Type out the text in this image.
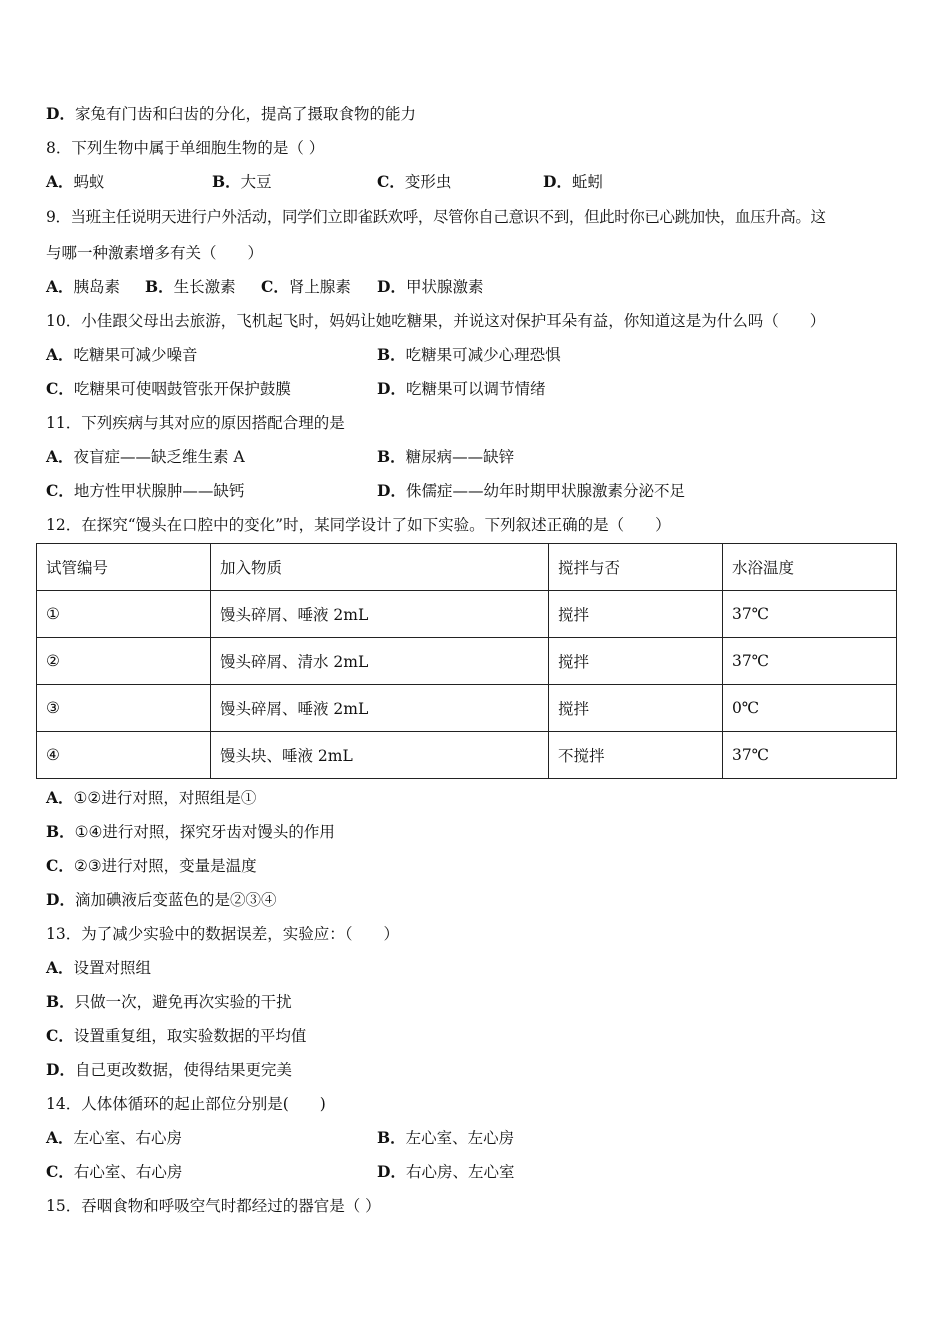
D．家兔有门齿和臼齿的分化，提高了摄取食物的能力
8．下列生物中属于单细胞生物的是（ ）
A．蚂蚁	B．大豆	C．变形虫	D．蚯蚓
9．当班主任说明天进行户外活动，同学们立即雀跃欢呼，尽管你自己意识不到，但此时你已心跳加快，血压升高。这
与哪一种激素增多有关（　　）
A．胰岛素 B．生长激素 C．肾上腺素 D．甲状腺激素
10．小佳跟父母出去旅游，飞机起飞时，妈妈让她吃糖果，并说这对保护耳朵有益，你知道这是为什么吗（　　）
A．吃糖果可减少噪音	B．吃糖果可减少心理恐惧
C．吃糖果可使咽鼓管张开保护鼓膜	D．吃糖果可以调节情绪
11．下列疾病与其对应的原因搭配合理的是
A．夜盲症——缺乏维生素 A	B．糖尿病——缺锌
C．地方性甲状腺肿——缺钙	D．侏儒症——幼年时期甲状腺激素分泌不足
12．在探究“馒头在口腔中的变化”时，某同学设计了如下实验。下列叙述正确的是（　　）
试管编号	加入物质	搅拌与否	水浴温度
①	馒头碎屑、唾液 2mL	搅拌	37℃
②	馒头碎屑、清水 2mL	搅拌	37℃
③	馒头碎屑、唾液 2mL	搅拌	0℃
④	馒头块、唾液 2mL	不搅拌	37℃
A．①②进行对照，对照组是①
B．①④进行对照，探究牙齿对馒头的作用
C．②③进行对照，变量是温度
D．滴加碘液后变蓝色的是②③④
13．为了减少实验中的数据误差，实验应：（　　）
A．设置对照组
B．只做一次，避免再次实验的干扰
C．设置重复组，取实验数据的平均值
D．自己更改数据，使得结果更完美
14．人体体循环的起止部位分别是(　　)
A．左心室、右心房	B．左心室、左心房
C．右心室、右心房	D．右心房、左心室
15．吞咽食物和呼吸空气时都经过的器官是（ ）
